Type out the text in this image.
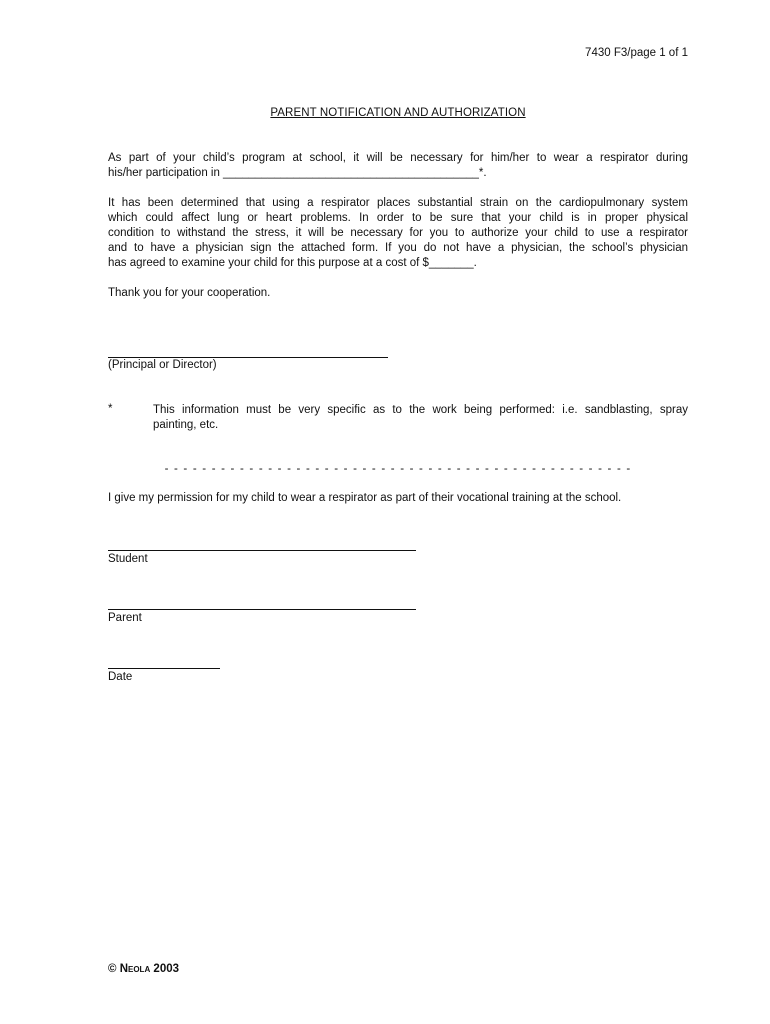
7430 F3/page 1 of 1
PARENT NOTIFICATION AND AUTHORIZATION
As part of your child’s program at school, it will be necessary for him/her to wear a respirator during
his/her participation in ________________________________________*.
It has been determined that using a respirator places substantial strain on the cardiopulmonary system
which could affect lung or heart problems. In order to be sure that your child is in proper physical
condition to withstand the stress, it will be necessary for you to authorize your child to use a respirator
and to have a physician sign the attached form. If you do not have a physician, the school’s physician
has agreed to examine your child for this purpose at a cost of $_______.
Thank you for your cooperation.
(Principal or Director)
*	This information must be very specific as to the work being performed: i.e. sandblasting, spray
painting, etc.
- - - - - - - - - - - - - - - - - - - - - - - - - - - - - - - - - - - - - - - - - - - - - - - - - -
I give my permission for my child to wear a respirator as part of their vocational training at the school.
Student
Parent
Date
© Neola 2003
